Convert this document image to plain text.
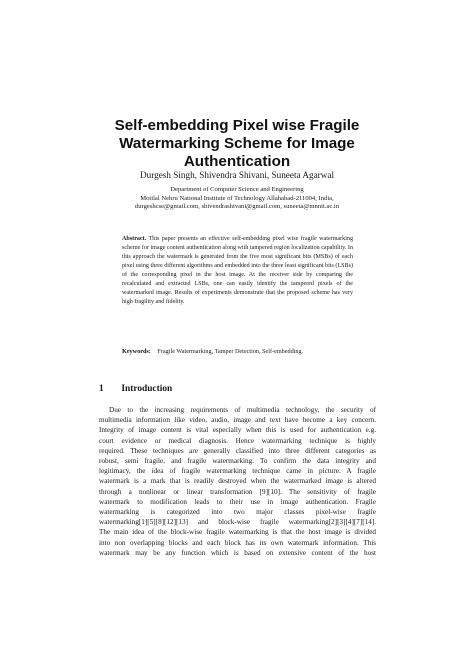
Self-embedding Pixel wise Fragile
Watermarking Scheme for Image
Authentication
Durgesh Singh, Shivendra Shivani, Suneeta Agarwal
Department of Computer Science and Engineering
Motilal Nehru National Institute of Technology Allahabad-211004, India,
durgeshcse@gmail.com, shivendrashivani@gmail.com, suneeta@mnnit.ac.in
Abstract. This paper presents an effective self-embedding pixel wise fragile watermarking scheme for image content authentication along with tampered region localization capability. In this approach the watermark is generated from the five most significant bits (MSBs) of each pixel using three different algorithms and embedded into the three least significant bits (LSBs) of the corresponding pixel in the host image. At the receiver side by comparing the recalculated and extracted LSBs, one can easily identify the tampered pixels of the watermarked image. Results of experiments demonstrate that the proposed scheme has very high fragility and fidelity.
Keywords: Fragile Watermarking, Tamper Detection, Self-embedding.
1 Introduction
Due to the increasing requirements of multimedia technology, the security of
multimedia information like video, audio, image and text have become a key concern.
Integrity of image content is vital especially when this is used for authentication e.g.
court evidence or medical diagnosis. Hence watermarking technique is highly
required. These techniques are generally classified into three different categories as
robust, semi fragile, and fragile watermarking. To confirm the data integrity and
legitimacy, the idea of fragile watermarking technique came in picture. A fragile
watermark is a mark that is readily destroyed when the watermarked image is altered
through a nonlinear or linear transformation [9][10]. The sensitivity of fragile
watermark to modification leads to their use in image authentication. Fragile
watermarking is categorized into two major classes pixel-wise fragile
watermarking[1][5][8][12][13] and block-wise fragile watermarking[2][3][4][7][14].
The main idea of the block-wise fragile watermarking is that the host image is divided
into non overlapping blocks and each block has its own watermark information. This
watermark may be any function which is based on extensive content of the host
